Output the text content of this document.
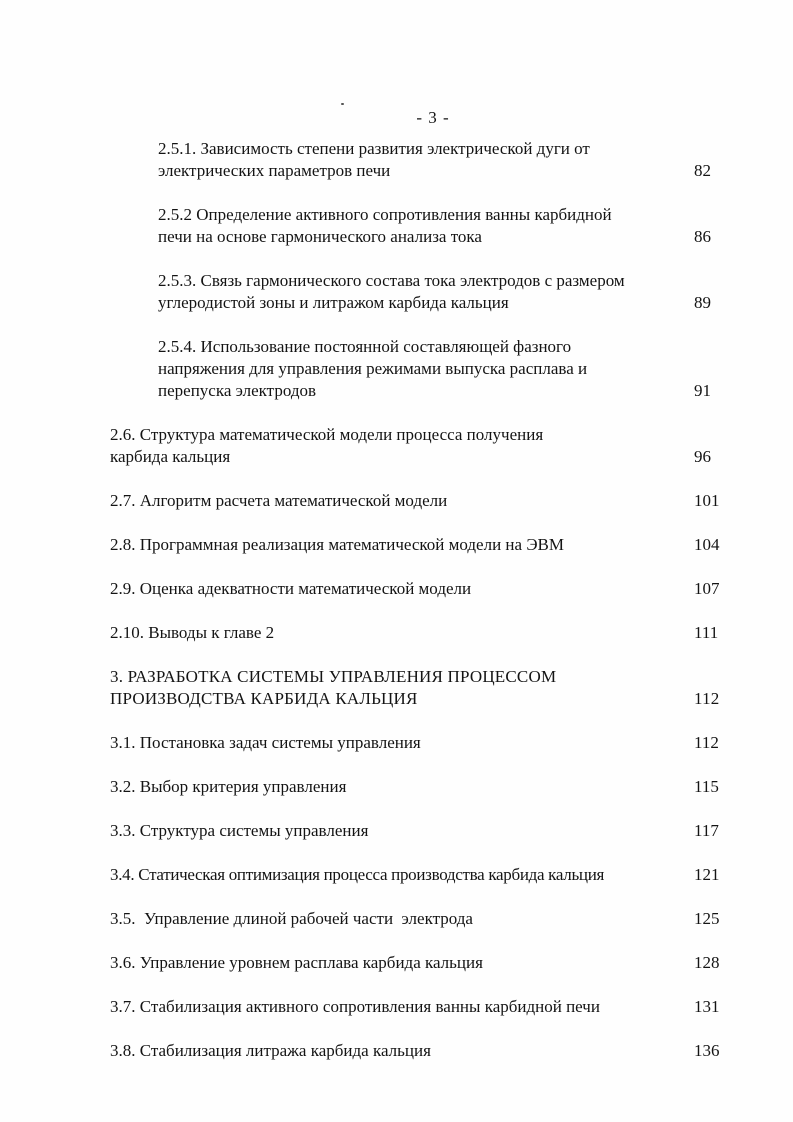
- 3 -
2.5.1. Зависимость степени развития электрической дуги от
электрических параметров печи	82
2.5.2 Определение активного сопротивления ванны карбидной
печи на основе гармонического анализа тока	86
2.5.3. Связь гармонического состава тока электродов с размером
углеродистой зоны и литражом карбида кальция	89
2.5.4. Использование постоянной составляющей фазного
напряжения для управления режимами выпуска расплава и
перепуска электродов	91
2.6. Структура математической модели процесса получения
карбида кальция	96
2.7. Алгоритм расчета математической модели	101
2.8. Программная реализация математической модели на ЭВМ	104
2.9. Оценка адекватности математической модели	107
2.10. Выводы к главе 2	111
3. РАЗРАБОТКА СИСТЕМЫ УПРАВЛЕНИЯ ПРОЦЕССОМ
ПРОИЗВОДСТВА КАРБИДА КАЛЬЦИЯ	112
3.1. Постановка задач системы управления	112
3.2. Выбор критерия управления	115
3.3. Структура системы управления	117
3.4. Статическая оптимизация процесса производства карбида кальция	121
3.5.  Управление длиной рабочей части  электрода	125
3.6. Управление уровнем расплава карбида кальция	128
3.7. Стабилизация активного сопротивления ванны карбидной печи	131
3.8. Стабилизация литража карбида кальция	136
